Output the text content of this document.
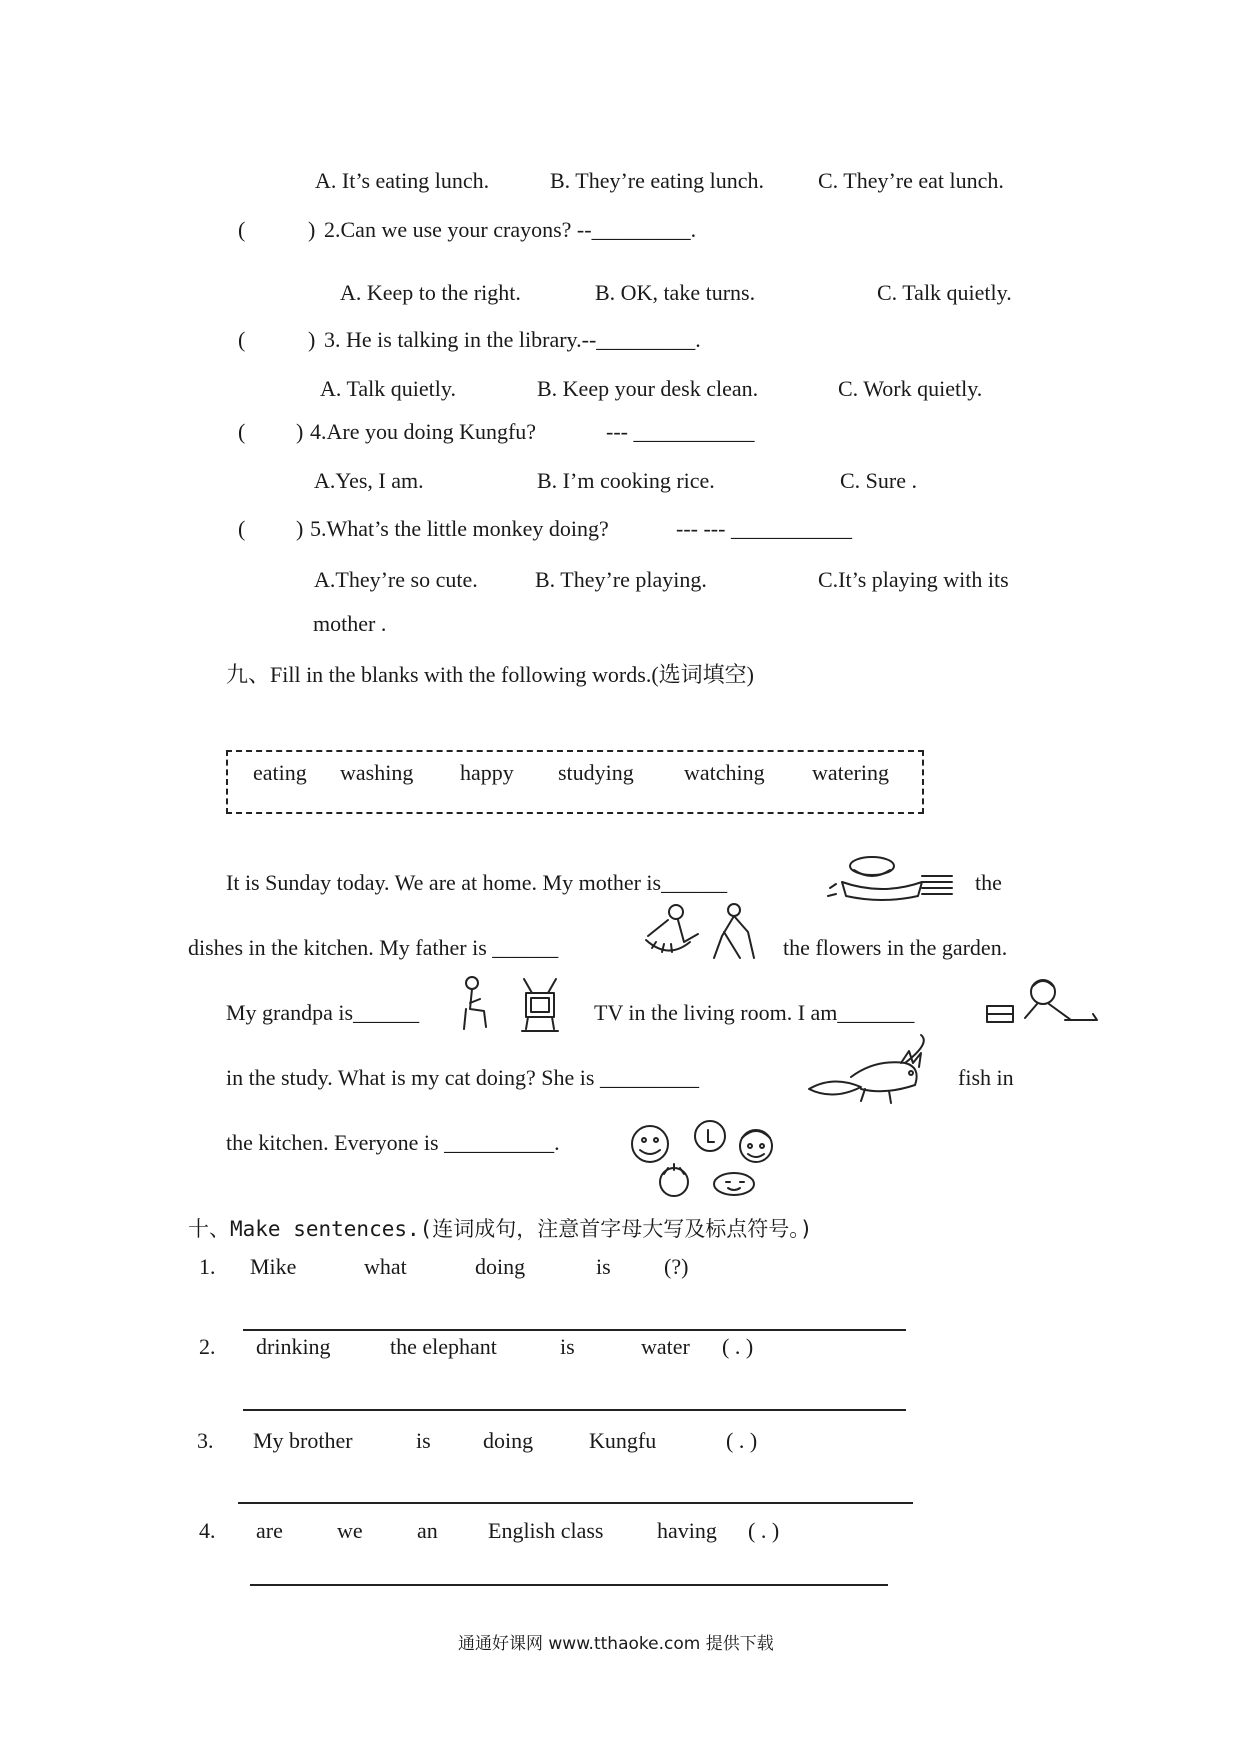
A. It’s eating lunch.	B. They’re eating lunch. C. They’re eat lunch.
(	) 2.Can we use your crayons? --_________.
A. Keep to the right.	B. OK, take turns.	C. Talk quietly.
(	) 3. He is talking in the library.--_________.
A. Talk quietly.	B. Keep your desk clean.	C. Work quietly.
( ) 4.Are you doing Kungfu?	--- ___________
A.Yes, I am.	B. I’m cooking rice.	C. Sure .
( ) 5.What’s the little monkey doing?	--- --- ___________
A.They’re so cute.	B. They’re playing.	C.It’s playing with its
mother .
九、Fill in the blanks with the following words.(选词填空)
eating washing happy studying watching watering
It is Sunday today. We are at home. My mother is______	the
dishes in the kitchen. My father is ______	the flowers in the garden.
My grandpa is______	TV in the living room. I am_______
in the study. What is my cat doing? She is _________	fish in
the kitchen. Everyone is __________.
十、Make sentences.(连词成句，注意首字母大写及标点符号。)
1. Mike	what	doing	is (?)
2. drinking	the elephant	is	water ( . )
3. My brother	is doing	Kungfu	( . )
4. are we an English class having ( . )
通通好课网 www.tthaoke.com 提供下载
